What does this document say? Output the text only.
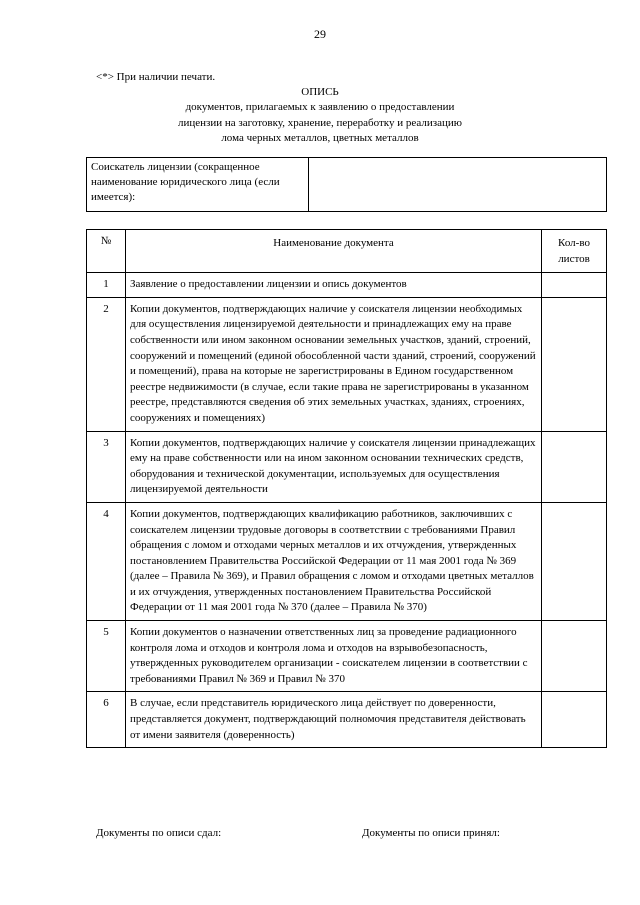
29
<*> При наличии печати.
ОПИСЬ
документов, прилагаемых к заявлению о предоставлении
лицензии на заготовку, хранение, переработку и реализацию
лома черных металлов, цветных металлов
Соискатель лицензии (сокращенное наименование юридического лица (если имеется):	
№	Наименование документа	Кол-во листов
1	Заявление о предоставлении лицензии и опись документов	
2	Копии документов, подтверждающих наличие у соискателя лицензии необходимых для осуществления лицензируемой деятельности и принадлежащих ему на праве собственности или ином законном основании земельных участков, зданий, строений, сооружений и помещений (единой обособленной части зданий, строений, сооружений и помещений), права на которые не зарегистрированы в Едином государственном реестре недвижимости (в случае, если такие права не зарегистрированы в указанном реестре, представляются сведения об этих земельных участках, зданиях, строениях, сооружениях и помещениях)	
3	Копии документов, подтверждающих наличие у соискателя лицензии принадлежащих ему на праве собственности или на ином законном основании технических средств, оборудования и технической документации, используемых для осуществления лицензируемой деятельности	
4	Копии документов, подтверждающих квалификацию работников, заключивших с соискателем лицензии трудовые договоры в соответствии с требованиями Правил обращения с ломом и отходами черных металлов и их отчуждения, утвержденных постановлением Правительства Российской Федерации от 11 мая 2001 года № 369 (далее – Правила № 369), и Правил обращения с ломом и отходами цветных металлов и их отчуждения, утвержденных постановлением Правительства Российской Федерации от 11 мая 2001 года № 370 (далее – Правила № 370)	
5	Копии документов о назначении ответственных лиц за проведение радиационного контроля лома и отходов и контроля лома и отходов на взрывобезопасность, утвержденных руководителем организации - соискателем лицензии в соответствии с требованиями Правил № 369 и Правил № 370	
6	В случае, если представитель юридического лица действует по доверенности, представляется документ, подтверждающий полномочия представителя действовать от имени заявителя (доверенность)	
Документы по описи сдал:	Документы по описи принял:
